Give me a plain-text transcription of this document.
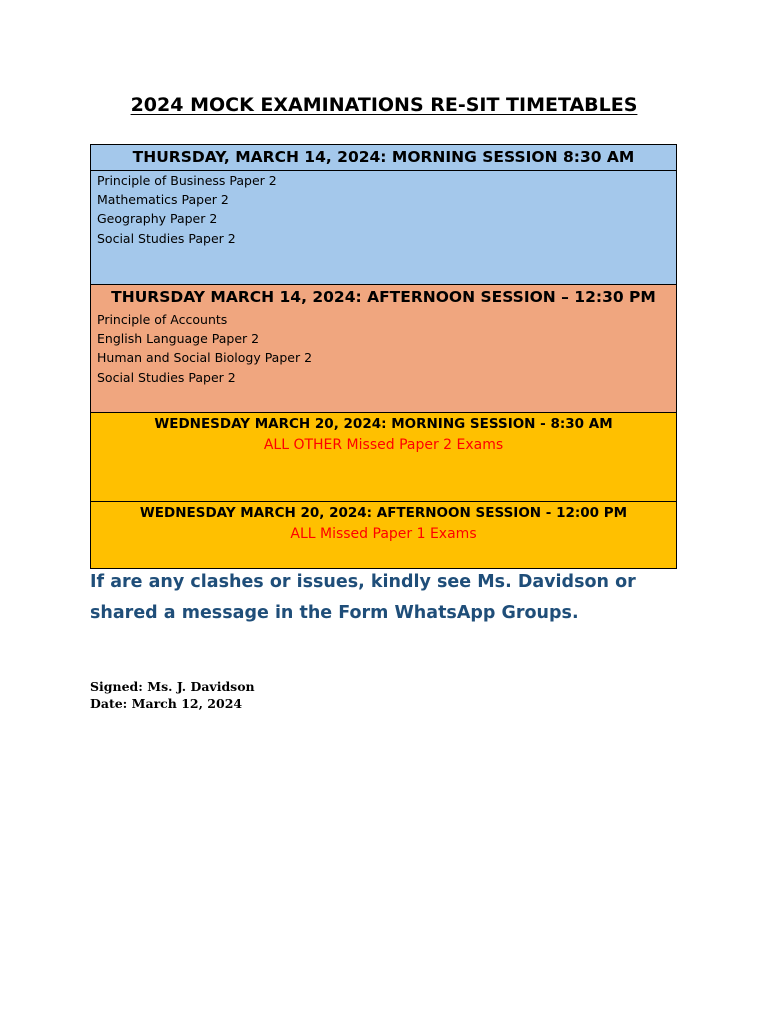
2024 MOCK EXAMINATIONS RE-SIT TIMETABLES
THURSDAY, MARCH 14, 2024: MORNING SESSION 8:30 AM
Principle of Business Paper 2
Mathematics Paper 2
Geography Paper 2
Social Studies Paper 2
THURSDAY MARCH 14, 2024: AFTERNOON SESSION – 12:30 PM
Principle of Accounts
English Language Paper 2
Human and Social Biology Paper 2
Social Studies Paper 2
WEDNESDAY MARCH 20, 2024: MORNING SESSION - 8:30 AM
ALL OTHER Missed Paper 2 Exams
WEDNESDAY MARCH 20, 2024: AFTERNOON SESSION - 12:00 PM
ALL Missed Paper 1 Exams
If are any clashes or issues, kindly see Ms. Davidson or
shared a message in the Form WhatsApp Groups.
Signed: Ms. J. Davidson
Date: March 12, 2024
